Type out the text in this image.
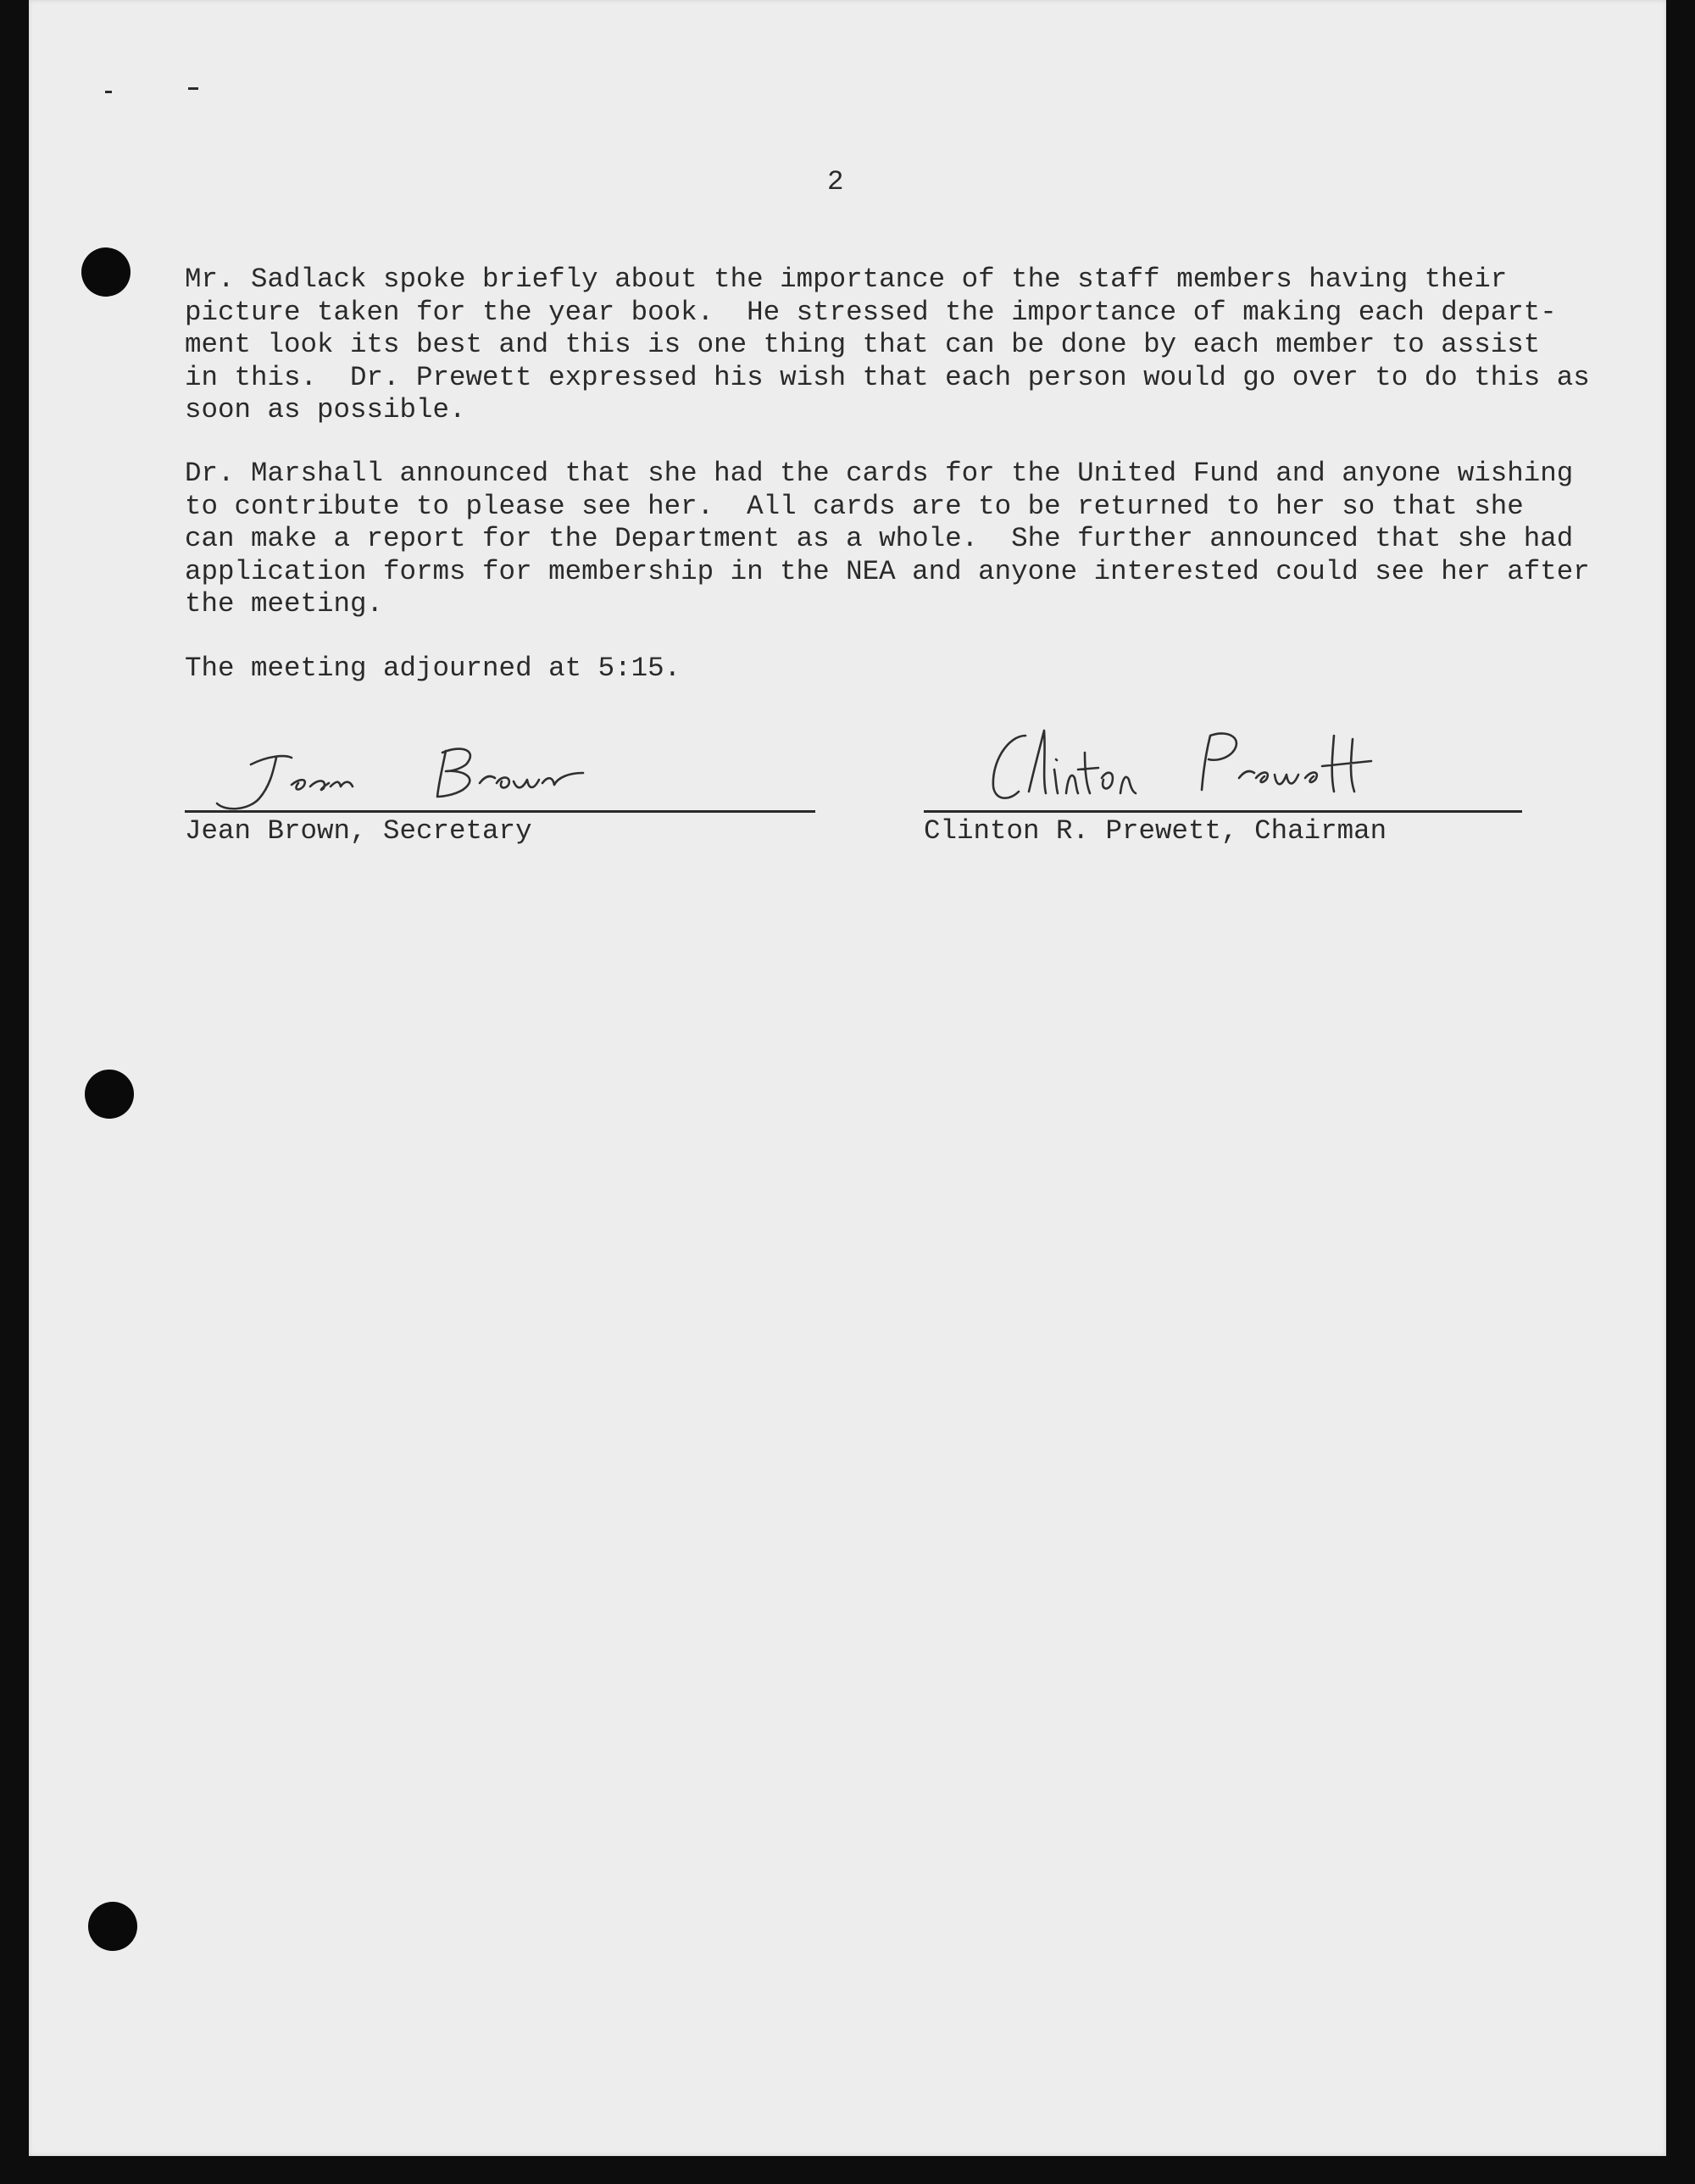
2
Mr. Sadlack spoke briefly about the importance of the staff members having their
picture taken for the year book.  He stressed the importance of making each depart-
ment look its best and this is one thing that can be done by each member to assist
in this.  Dr. Prewett expressed his wish that each person would go over to do this as
soon as possible.
Dr. Marshall announced that she had the cards for the United Fund and anyone wishing
to contribute to please see her.  All cards are to be returned to her so that she
can make a report for the Department as a whole.  She further announced that she had
application forms for membership in the NEA and anyone interested could see her after
the meeting.
The meeting adjourned at 5:15.
Jean Brown, Secretary	Clinton R. Prewett, Chairman
